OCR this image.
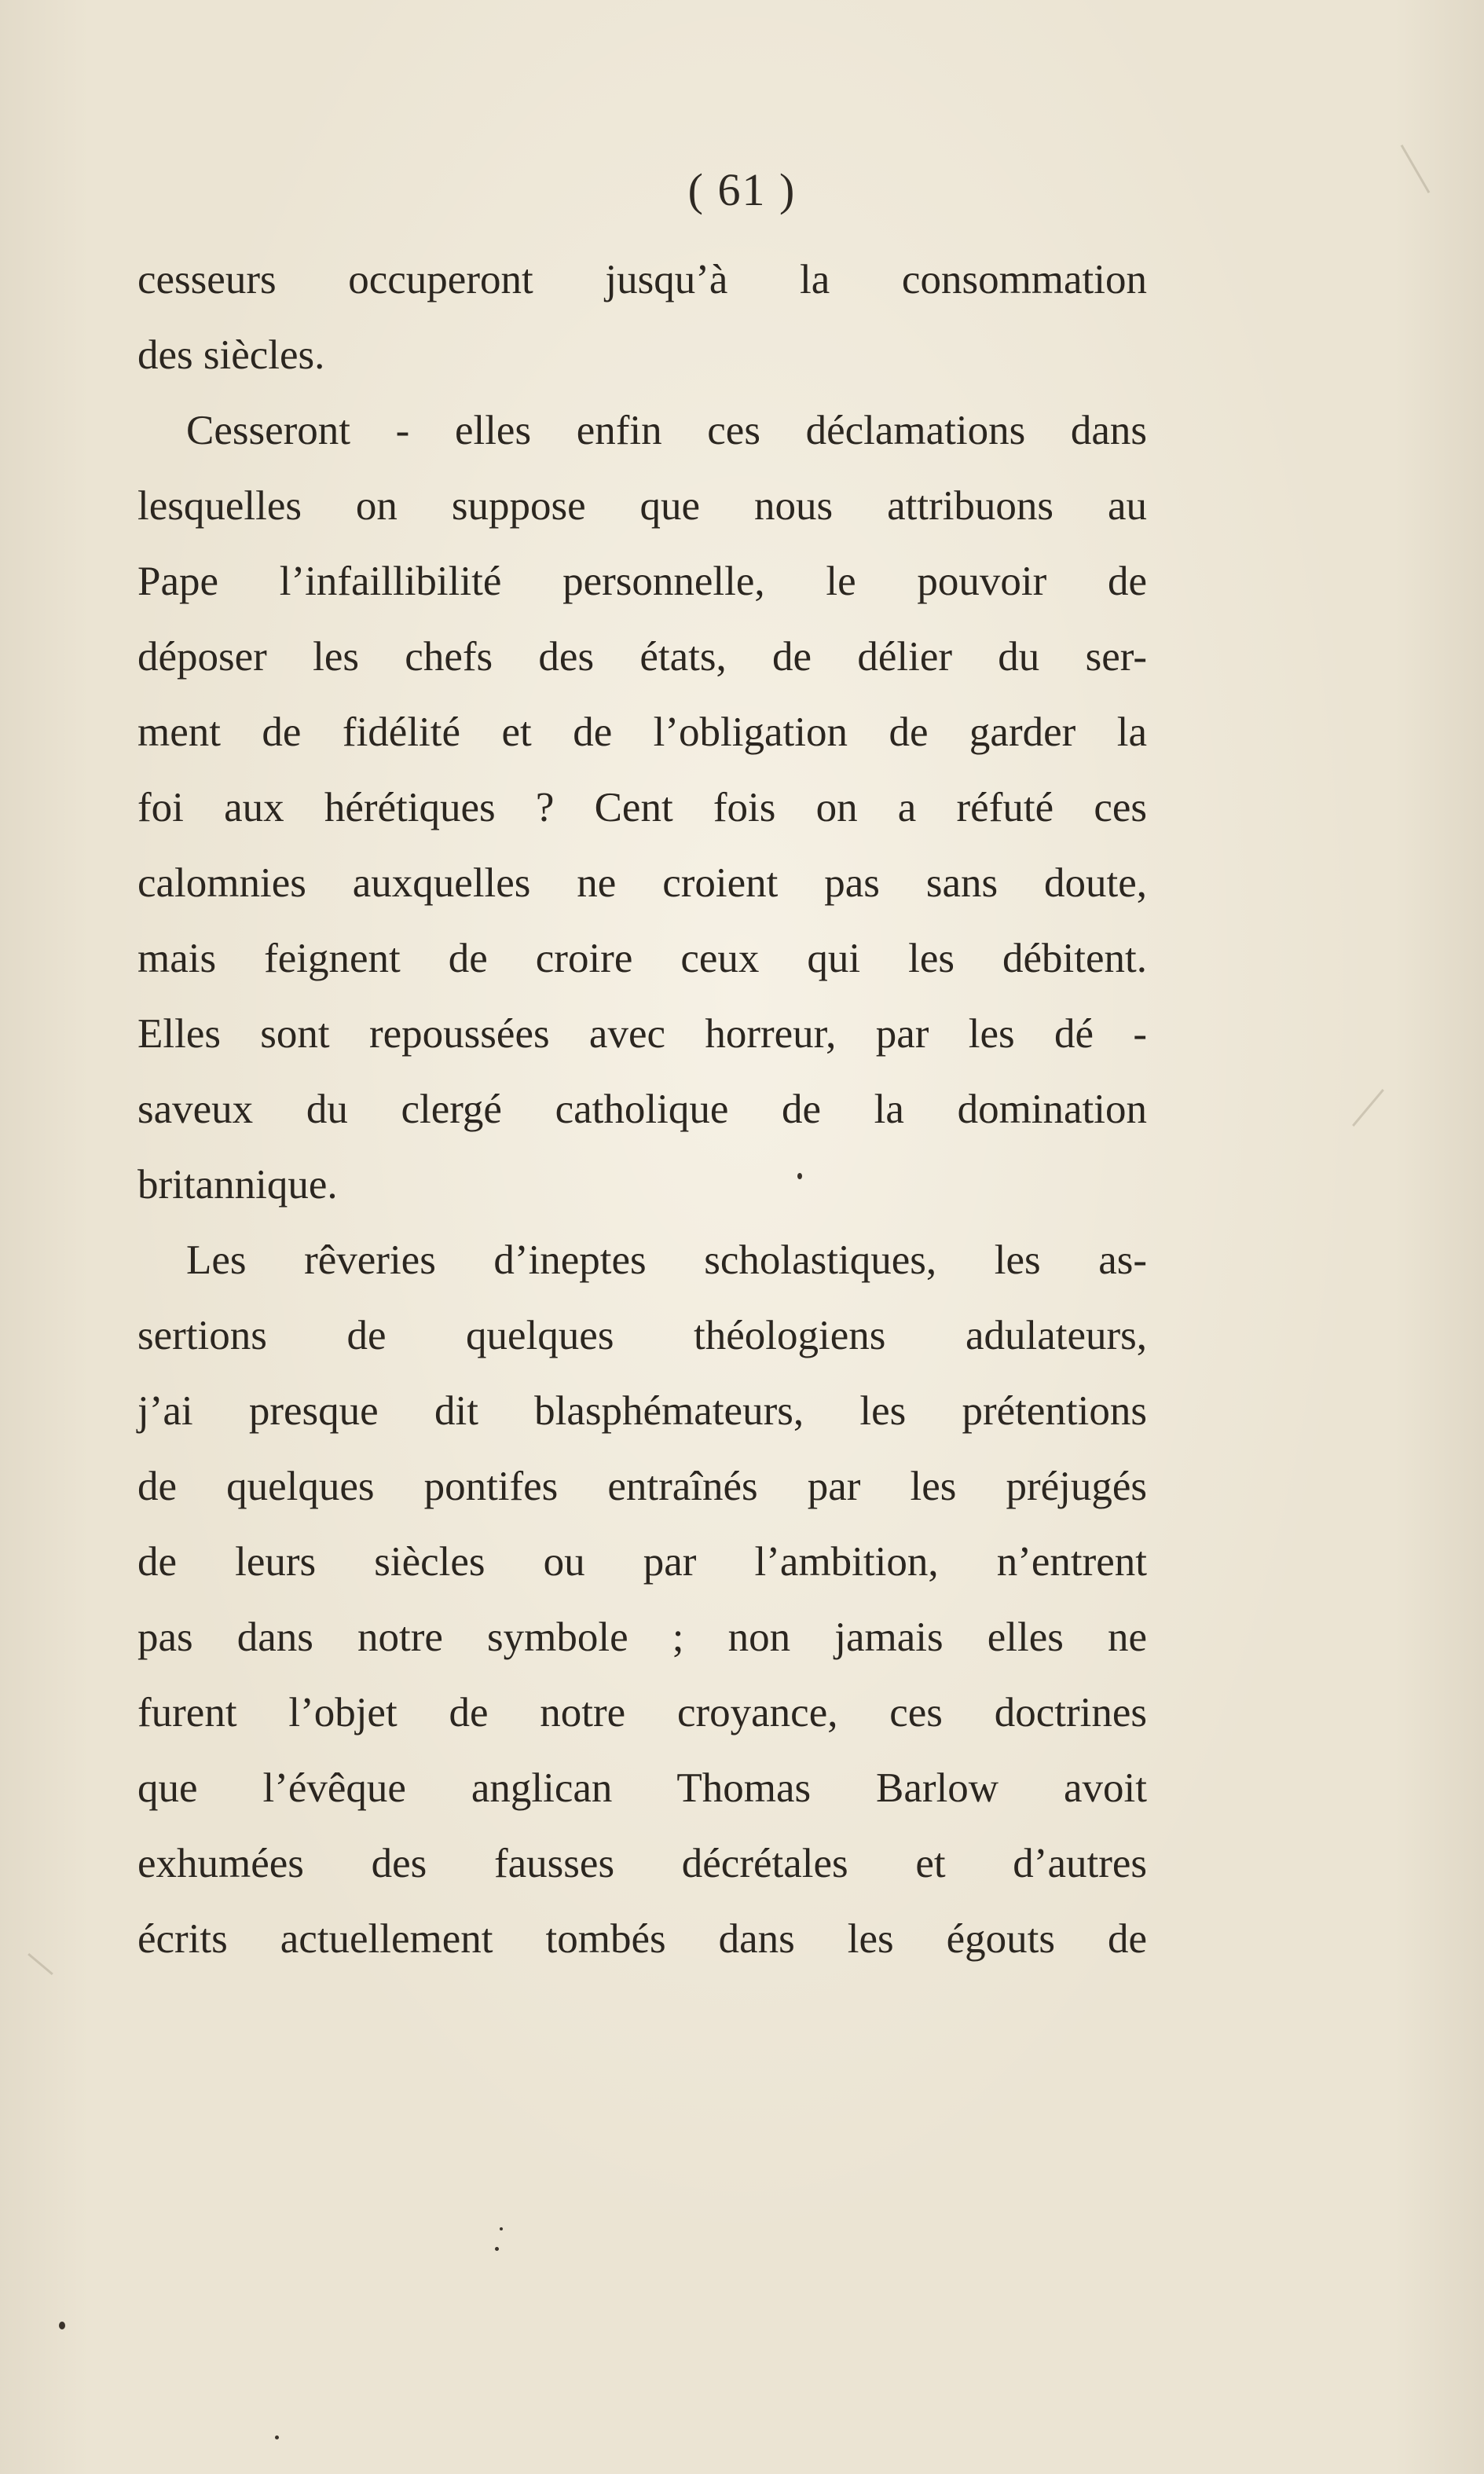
( 61 )
cesseurs occuperont jusqu’à la consommation
des siècles.
Cesseront - elles enfin ces déclamations dans
lesquelles on suppose que nous attribuons au
Pape l’infaillibilité personnelle, le pouvoir de
déposer les chefs des états, de délier du ser-
ment de fidélité et de l’obligation de garder la
foi aux hérétiques ? Cent fois on a réfuté ces
calomnies auxquelles ne croient pas sans doute,
mais feignent de croire ceux qui les débitent.
Elles sont repoussées avec horreur, par les dé -
saveux du clergé catholique de la domination
britannique.
Les rêveries d’ineptes scholastiques, les as-
sertions de quelques théologiens adulateurs,
j’ai presque dit blasphémateurs, les prétentions
de quelques pontifes entraînés par les préjugés
de leurs siècles ou par l’ambition, n’entrent
pas dans notre symbole ; non jamais elles ne
furent l’objet de notre croyance, ces doctrines
que l’évêque anglican Thomas Barlow avoit
exhumées des fausses décrétales et d’autres
écrits actuellement tombés dans les égouts de
